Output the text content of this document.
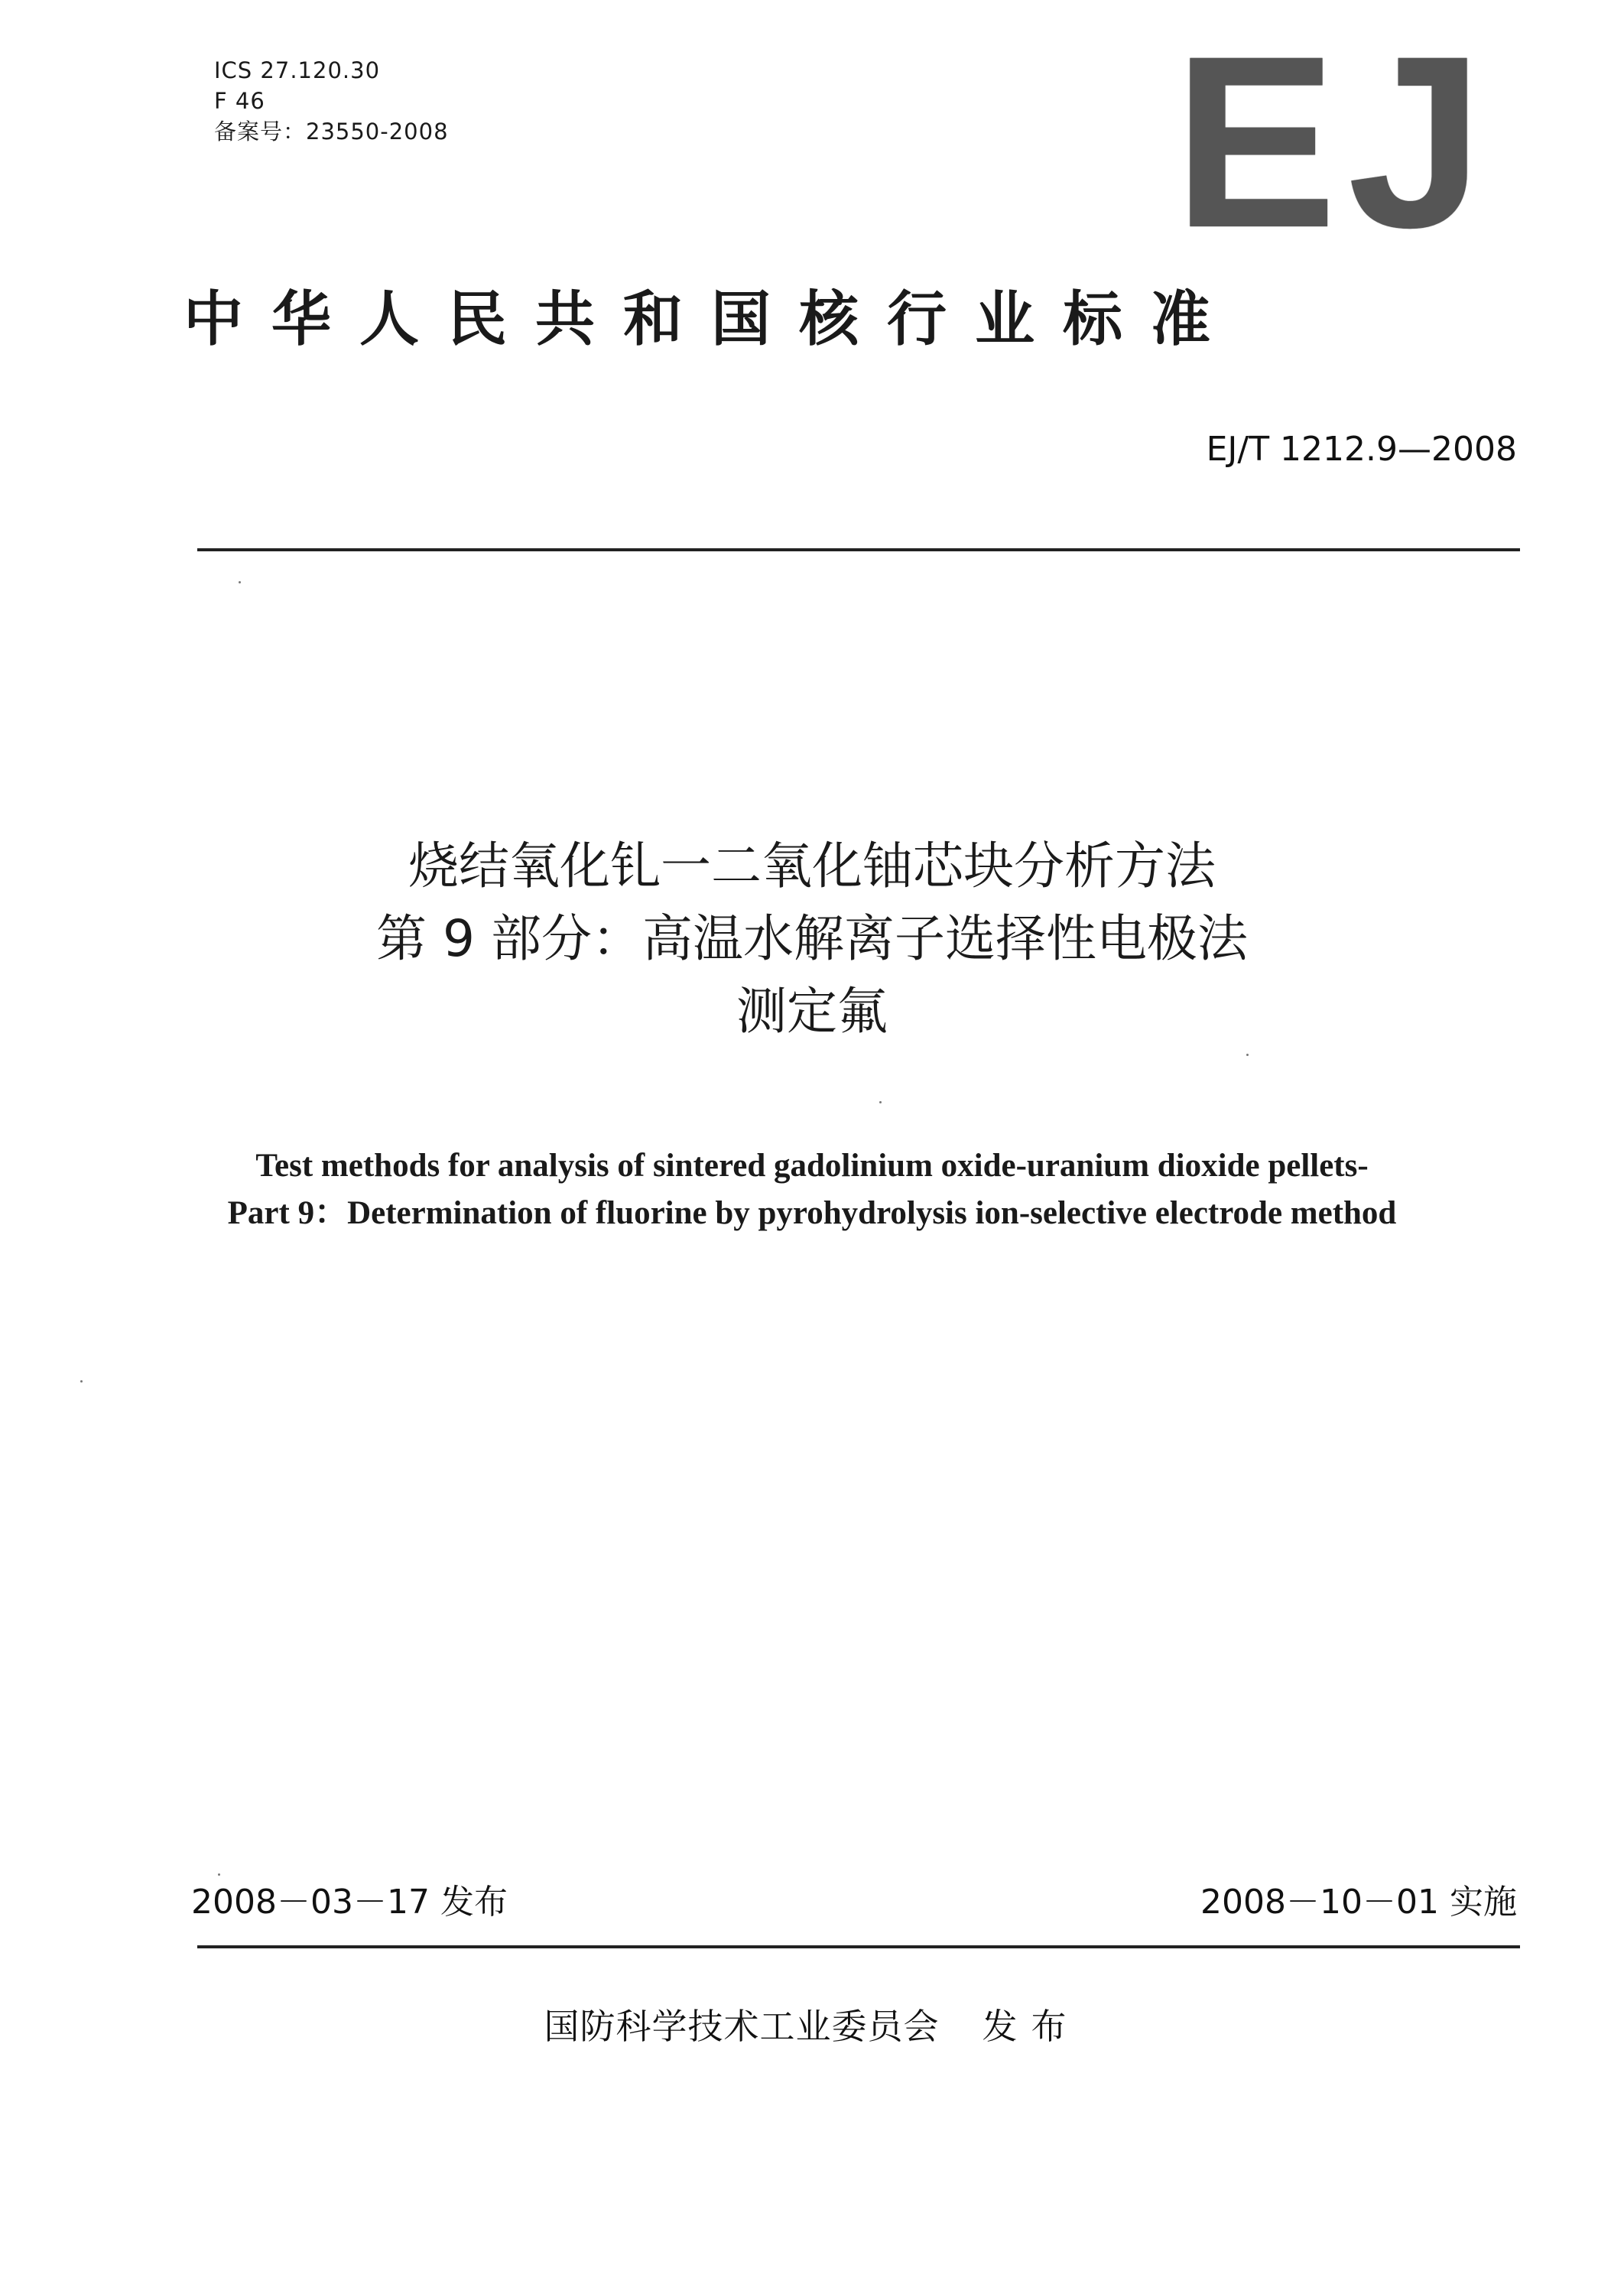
ICS 27.120.30
F 46
备案号：23550-2008	EJ
中华人民共和国核行业标准
EJ/T 1212.9—2008
烧结氧化钆一二氧化铀芯块分析方法
第 9 部分：高温水解离子选择性电极法
测定氟
Test methods for analysis of sintered gadolinium oxide-uranium dioxide pellets-
Part 9：Determination of fluorine by pyrohydrolysis ion-selective electrode method
2008－03－17 发布	2008－10－01 实施
国防科学技术工业委员会 发布
